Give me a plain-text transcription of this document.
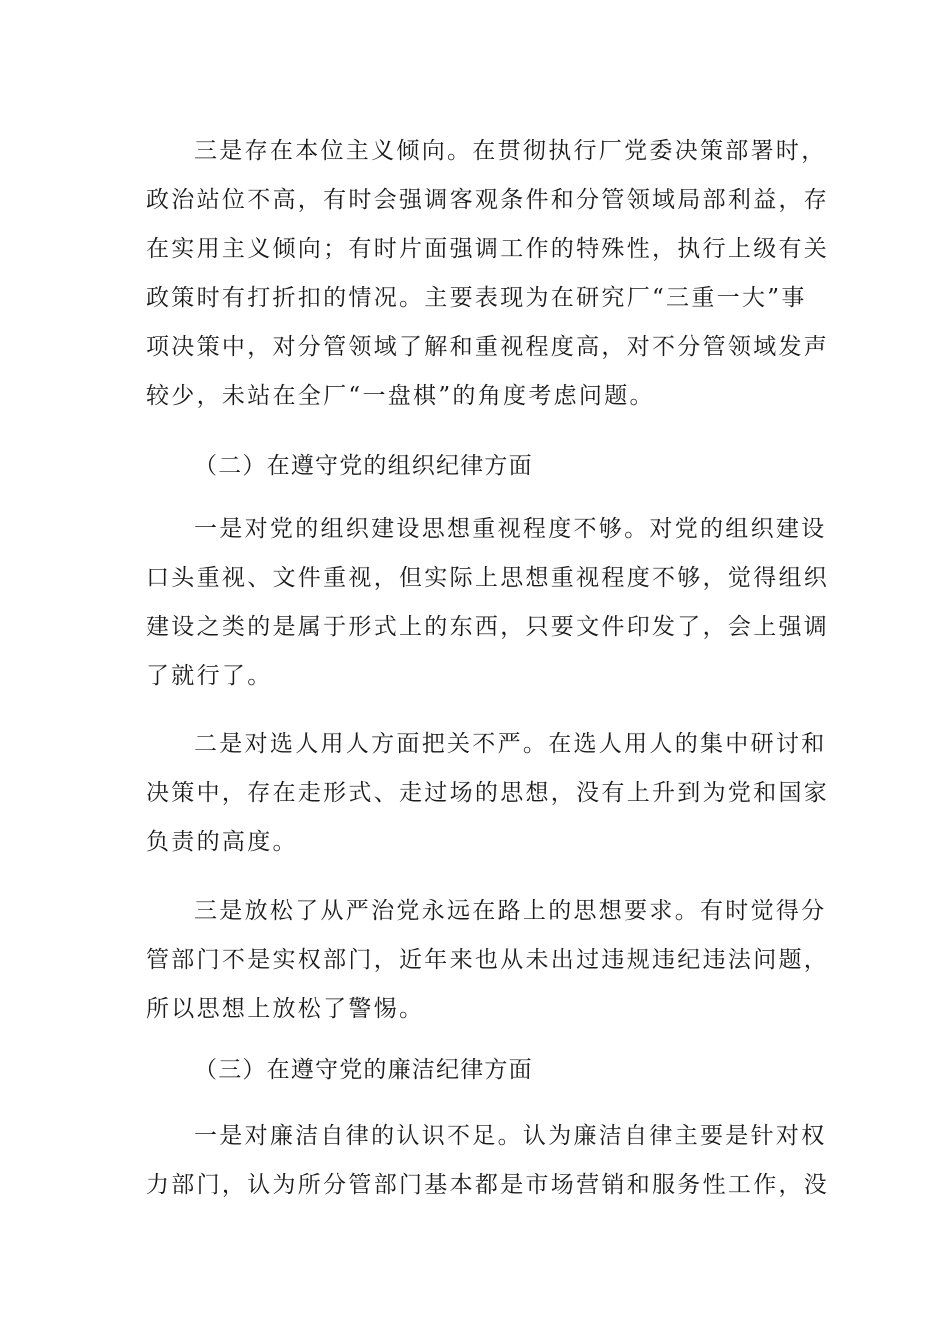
三是存在本位主义倾向。在贯彻执行厂党委决策部署时，
政治站位不高，有时会强调客观条件和分管领域局部利益，存
在实用主义倾向；有时片面强调工作的特殊性，执行上级有关
政策时有打折扣的情况。主要表现为在研究厂“三重一大”事
项决策中，对分管领域了解和重视程度高，对不分管领域发声
较少，未站在全厂“一盘棋”的角度考虑问题。
（二）在遵守党的组织纪律方面
一是对党的组织建设思想重视程度不够。对党的组织建设
口头重视、文件重视，但实际上思想重视程度不够，觉得组织
建设之类的是属于形式上的东西，只要文件印发了，会上强调
了就行了。
二是对选人用人方面把关不严。在选人用人的集中研讨和
决策中，存在走形式、走过场的思想，没有上升到为党和国家
负责的高度。
三是放松了从严治党永远在路上的思想要求。有时觉得分
管部门不是实权部门，近年来也从未出过违规违纪违法问题，
所以思想上放松了警惕。
（三）在遵守党的廉洁纪律方面
一是对廉洁自律的认识不足。认为廉洁自律主要是针对权
力部门，认为所分管部门基本都是市场营销和服务性工作，没
